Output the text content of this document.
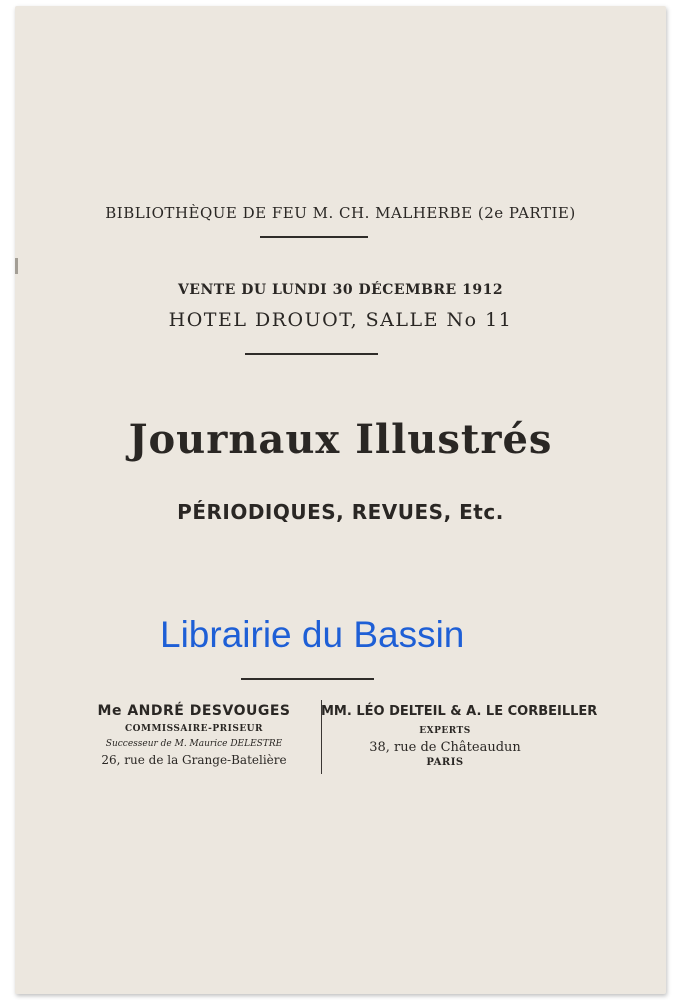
BIBLIOTHÈQUE DE FEU M. CH. MALHERBE (2e PARTIE)
VENTE DU LUNDI 30 DÉCEMBRE 1912
HOTEL DROUOT, SALLE No 11
Journaux Illustrés
PÉRIODIQUES, REVUES, Etc.
Me ANDRÉ DESVOUGES
COMMISSAIRE-PRISEUR
Successeur de M. Maurice DELESTRE
26, rue de la Grange-Batelière
MM. LÉO DELTEIL & A. LE CORBEILLER
EXPERTS
38, rue de Châteaudun
PARIS
Librairie du Bassin
